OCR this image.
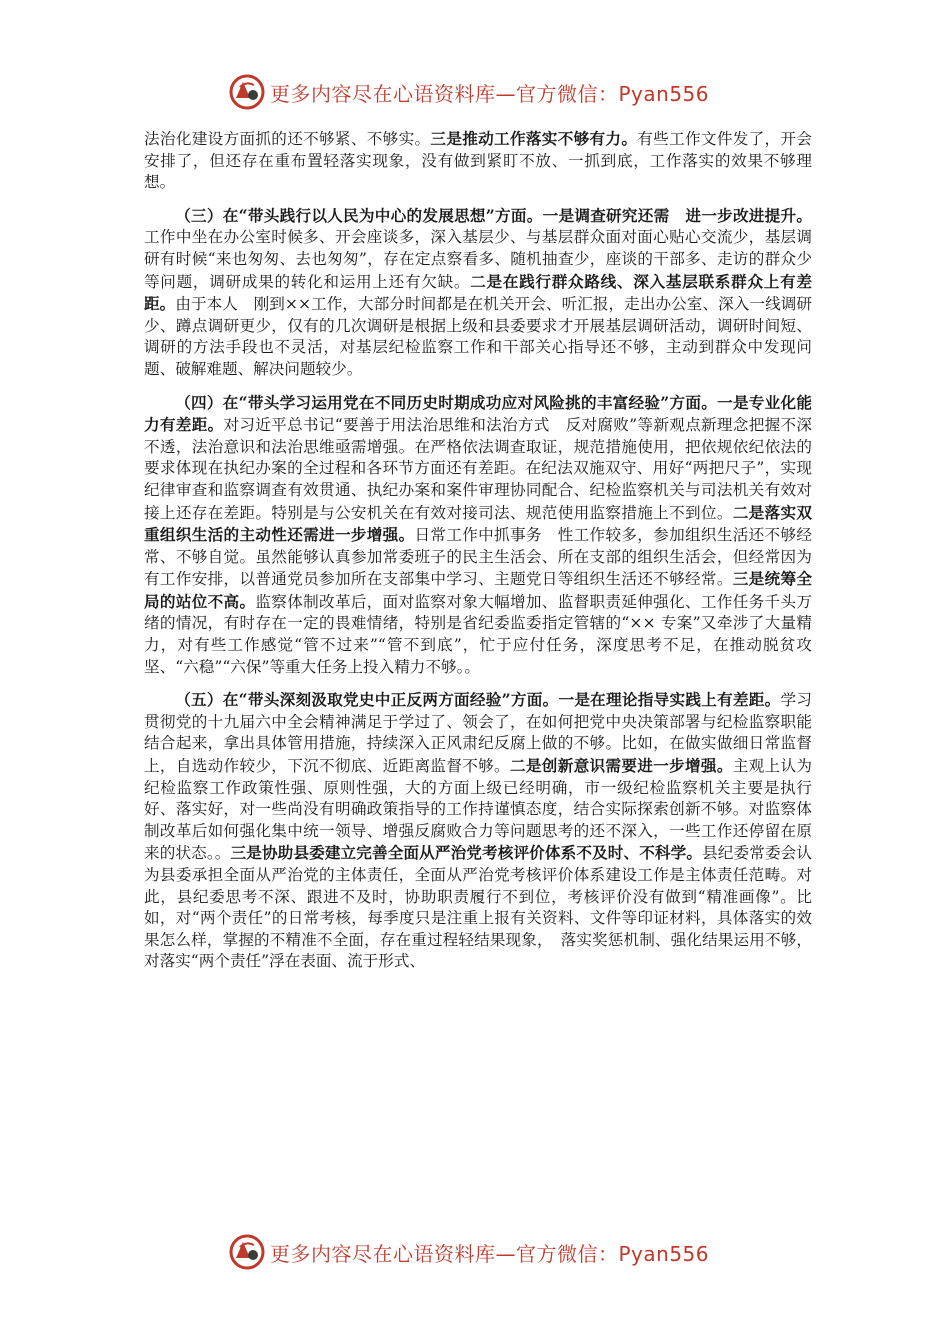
更多内容尽在心语资料库—官方微信：Pyan556

法治化建设方面抓的还不够紧、不够实。三是推动工作落实不够有力。有些工作文件发了，开会安排了，但还存在重布置轻落实现象，没有做到紧盯不放、一抓到底，工作落实的效果不够理想。

（三）在“带头践行以人民为中心的发展思想”方面。一是调查研究还需　进一步改进提升。工作中坐在办公室时候多、开会座谈多，深入基层少、与基层群众面对面心贴心交流少，基层调研有时候“来也匆匆、去也匆匆”，存在定点察看多、随机抽查少，座谈的干部多、走访的群众少等问题，调研成果的转化和运用上还有欠缺。二是在践行群众路线、深入基层联系群众上有差距。由于本人　刚到××工作，大部分时间都是在机关开会、听汇报，走出办公室、深入一线调研少、蹲点调研更少，仅有的几次调研是根据上级和县委要求才开展基层调研活动，调研时间短、调研的方法手段也不灵活，对基层纪检监察工作和干部关心指导还不够，主动到群众中发现问题、破解难题、解决问题较少。

（四）在“带头学习运用党在不同历史时期成功应对风险挑的丰富经验”方面。一是专业化能力有差距。对习近平总书记“要善于用法治思维和法治方式　反对腐败”等新观点新理念把握不深不透，法治意识和法治思维亟需增强。在严格依法调查取证，规范措施使用，把依规依纪依法的要求体现在执纪办案的全过程和各环节方面还有差距。在纪法双施双守、用好“两把尺子”，实现纪律审查和监察调查有效贯通、执纪办案和案件审理协同配合、纪检监察机关与司法机关有效对接上还存在差距。特别是与公安机关在有效对接司法、规范使用监察措施上不到位。二是落实双重组织生活的主动性还需进一步增强。日常工作中抓事务　性工作较多，参加组织生活还不够经常、不够自觉。虽然能够认真参加常委班子的民主生活会、所在支部的组织生活会，但经常因为有工作安排，以普通党员参加所在支部集中学习、主题党日等组织生活还不够经常。三是统筹全局的站位不高。监察体制改革后，面对监察对象大幅增加、监督职责延伸强化、工作任务千头万绪的情况，有时存在一定的畏难情绪，特别是省纪委监委指定管辖的“×× 专案”又牵涉了大量精力，对有些工作感觉“管不过来”“管不到底”，忙于应付任务，深度思考不足，在推动脱贫攻坚、“六稳”“六保”等重大任务上投入精力不够。。

（五）在“带头深刻汲取党史中正反两方面经验”方面。一是在理论指导实践上有差距。学习贯彻党的十九届六中全会精神满足于学过了、领会了，在如何把党中央决策部署与纪检监察职能结合起来，拿出具体管用措施，持续深入正风肃纪反腐上做的不够。比如，在做实做细日常监督上，自选动作较少，下沉不彻底、近距离监督不够。二是创新意识需要进一步增强。主观上认为纪检监察工作政策性强、原则性强，大的方面上级已经明确，市一级纪检监察机关主要是执行好、落实好，对一些尚没有明确政策指导的工作持谨慎态度，结合实际探索创新不够。对监察体制改革后如何强化集中统一领导、增强反腐败合力等问题思考的还不深入，一些工作还停留在原来的状态。。三是协助县委建立完善全面从严治党考核评价体系不及时、不科学。县纪委常委会认为县委承担全面从严治党的主体责任，全面从严治党考核评价体系建设工作是主体责任范畴。对此，县纪委思考不深、跟进不及时，协助职责履行不到位，考核评价没有做到“精准画像”。比如，对“两个责任”的日常考核，每季度只是注重上报有关资料、文件等印证材料，具体落实的效果怎么样，掌握的不精准不全面，存在重过程轻结果现象，　落实奖惩机制、强化结果运用不够，对落实“两个责任”浮在表面、流于形式、

更多内容尽在心语资料库—官方微信：Pyan556
